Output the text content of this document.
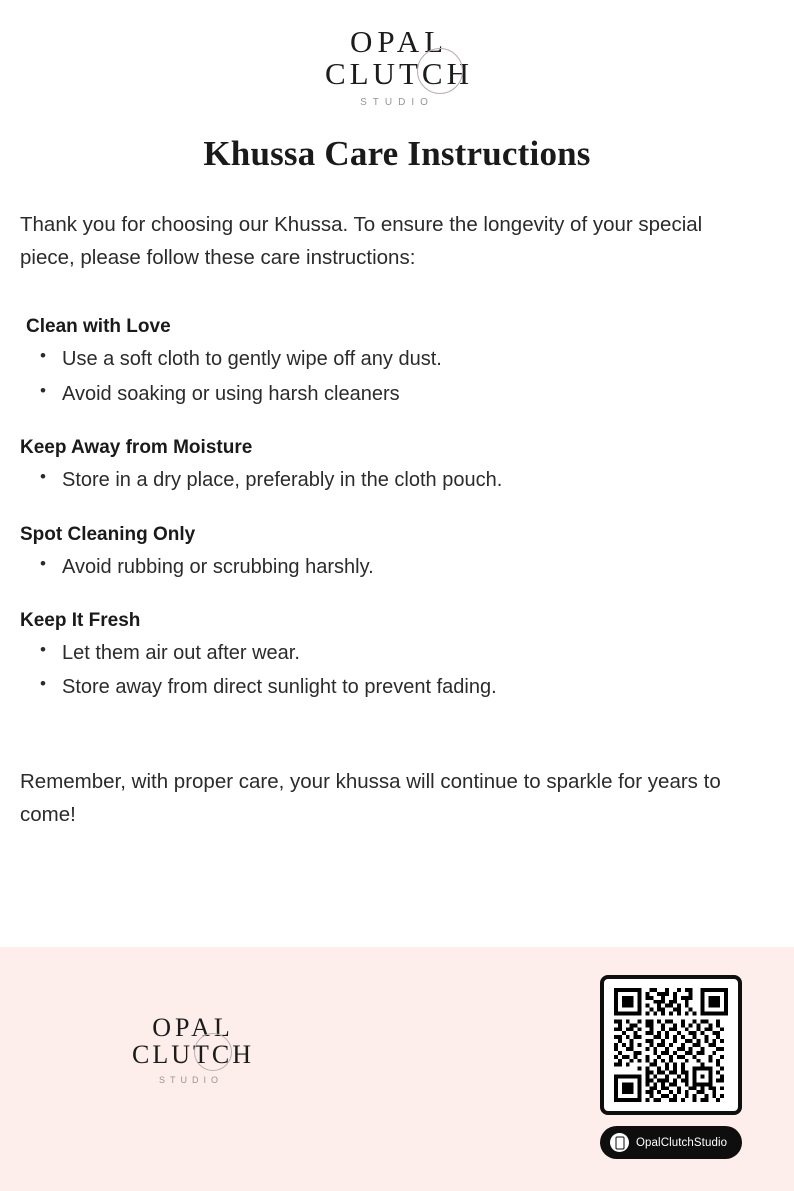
OPAL
CLUTCH
STUDIO
Khussa Care Instructions

Thank you for choosing our Khussa. To ensure the longevity of your special piece, please follow these care instructions:

Clean with Love
• Use a soft cloth to gently wipe off any dust.
• Avoid soaking or using harsh cleaners
Keep Away from Moisture
• Store in a dry place, preferably in the cloth pouch.
Spot Cleaning Only
• Avoid rubbing or scrubbing harshly.
Keep It Fresh
• Let them air out after wear.
• Store away from direct sunlight to prevent fading.

Remember, with proper care, your khussa will continue to sparkle for years to come!

OPAL
CLUTCH
STUDIO
OpalClutchStudio
